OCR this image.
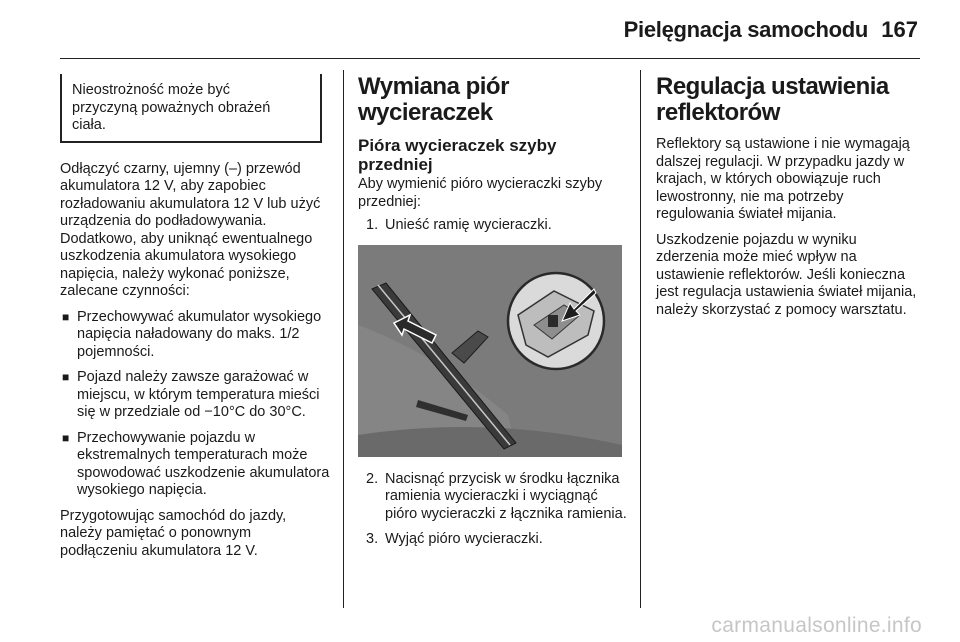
Pielęgnacja samochodu 167
Nieostrożność może być
przyczyną poważnych obrażeń
ciała.

Odłączyć czarny, ujemny (–) przewód akumulatora 12 V, aby zapobiec rozładowaniu akumulatora 12 V lub użyć urządzenia do podładowywania. Dodatkowo, aby uniknąć ewentualnego uszkodzenia akumulatora wysokiego napięcia, należy wykonać poniższe, zalecane czynności:

■ Przechowywać akumulator wysokiego napięcia naładowany do maks. 1/2 pojemności.
■ Pojazd należy zawsze garażować w miejscu, w którym temperatura mieści się w przedziale od −10°C do 30°C.
■ Przechowywanie pojazdu w ekstremalnych temperaturach może spowodować uszkodzenie akumulatora wysokiego napięcia.

Przygotowując samochód do jazdy, należy pamiętać o ponownym podłączeniu akumulatora 12 V.

Wymiana piór wycieraczek
Pióra wycieraczek szyby przedniej

Aby wymienić pióro wycieraczki szyby przedniej:

1. Unieść ramię wycieraczki.
2. Nacisnąć przycisk w środku łącznika ramienia wycieraczki i wyciągnąć pióro wycieraczki z łącznika ramienia.
3. Wyjąć pióro wycieraczki.
Regulacja ustawienia reflektorów

Reflektory są ustawione i nie wymagają dalszej regulacji. W przypadku jazdy w krajach, w których obowiązuje ruch lewostronny, nie ma potrzeby regulowania świateł mijania.

Uszkodzenie pojazdu w wyniku zderzenia może mieć wpływ na ustawienie reflektorów. Jeśli konieczna jest regulacja ustawienia świateł mijania, należy skorzystać z pomocy warsztatu.

carmanualsonline.info
